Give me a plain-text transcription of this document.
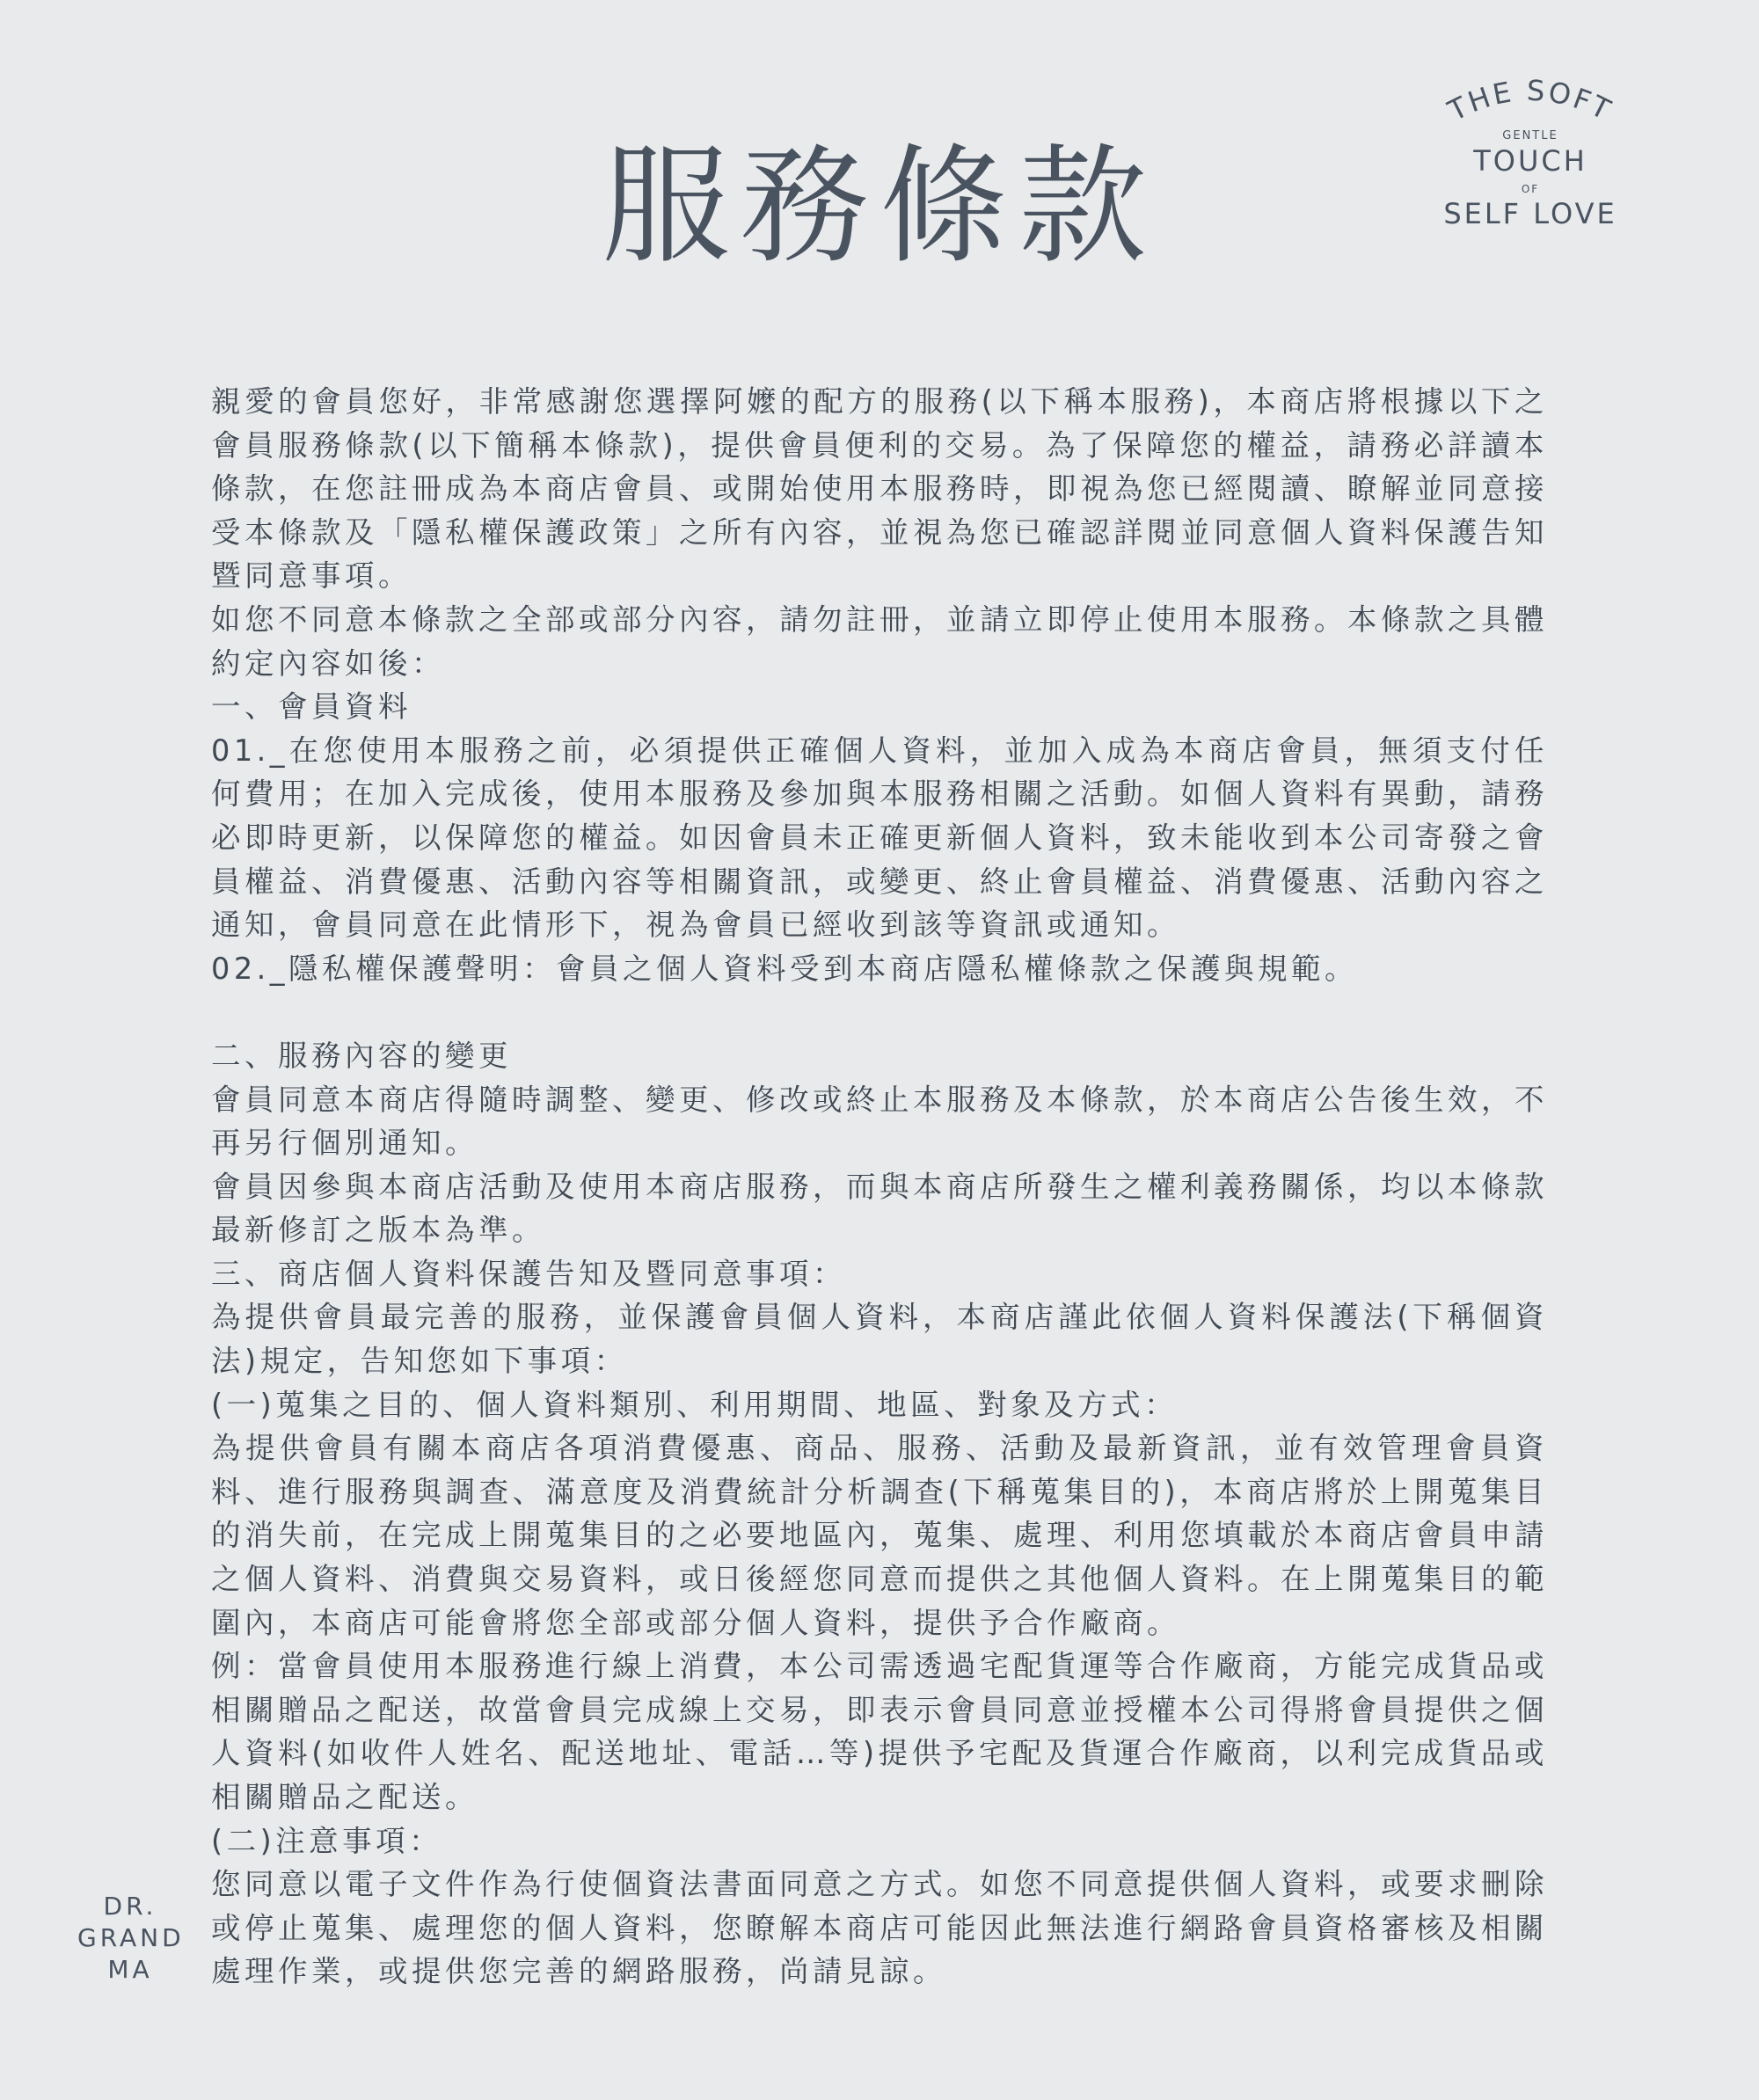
服務條款
THE SOFT
GENTLE
TOUCH
OF
SELF LOVE

親愛的會員您好，非常感謝您選擇阿嬤的配方的服務(以下稱本服務)，本商店將根據以下之會員服務條款(以下簡稱本條款)，提供會員便利的交易。為了保障您的權益，請務必詳讀本條款，在您註冊成為本商店會員、或開始使用本服務時，即視為您已經閱讀、瞭解並同意接受本條款及「隱私權保護政策」之所有內容，並視為您已確認詳閱並同意個人資料保護告知暨同意事項。

如您不同意本條款之全部或部分內容，請勿註冊，並請立即停止使用本服務。本條款之具體約定內容如後：

一、會員資料

01._在您使用本服務之前，必須提供正確個人資料，並加入成為本商店會員，無須支付任何費用；在加入完成後，使用本服務及參加與本服務相關之活動。如個人資料有異動，請務必即時更新，以保障您的權益。如因會員未正確更新個人資料，致未能收到本公司寄發之會員權益、消費優惠、活動內容等相關資訊，或變更、終止會員權益、消費優惠、活動內容之通知，會員同意在此情形下，視為會員已經收到該等資訊或通知。

02._隱私權保護聲明：會員之個人資料受到本商店隱私權條款之保護與規範。

二、服務內容的變更

會員同意本商店得隨時調整、變更、修改或終止本服務及本條款，於本商店公告後生效，不再另行個別通知。

會員因參與本商店活動及使用本商店服務，而與本商店所發生之權利義務關係，均以本條款最新修訂之版本為準。

三、商店個人資料保護告知及暨同意事項：

為提供會員最完善的服務，並保護會員個人資料，本商店謹此依個人資料保護法(下稱個資法)規定，告知您如下事項：

(一)蒐集之目的、個人資料類別、利用期間、地區、對象及方式：

為提供會員有關本商店各項消費優惠、商品、服務、活動及最新資訊，並有效管理會員資料、進行服務與調查、滿意度及消費統計分析調查(下稱蒐集目的)，本商店將於上開蒐集目的消失前，在完成上開蒐集目的之必要地區內，蒐集、處理、利用您填載於本商店會員申請之個人資料、消費與交易資料，或日後經您同意而提供之其他個人資料。在上開蒐集目的範圍內，本商店可能會將您全部或部分個人資料，提供予合作廠商。

例：當會員使用本服務進行線上消費，本公司需透過宅配貨運等合作廠商，方能完成貨品或相關贈品之配送，故當會員完成線上交易，即表示會員同意並授權本公司得將會員提供之個人資料(如收件人姓名、配送地址、電話…等)提供予宅配及貨運合作廠商，以利完成貨品或相關贈品之配送。

(二)注意事項：

您同意以電子文件作為行使個資法書面同意之方式。如您不同意提供個人資料，或要求刪除或停止蒐集、處理您的個人資料，您瞭解本商店可能因此無法進行網路會員資格審核及相關處理作業，或提供您完善的網路服務，尚請見諒。

DR.
GRAND
MA
